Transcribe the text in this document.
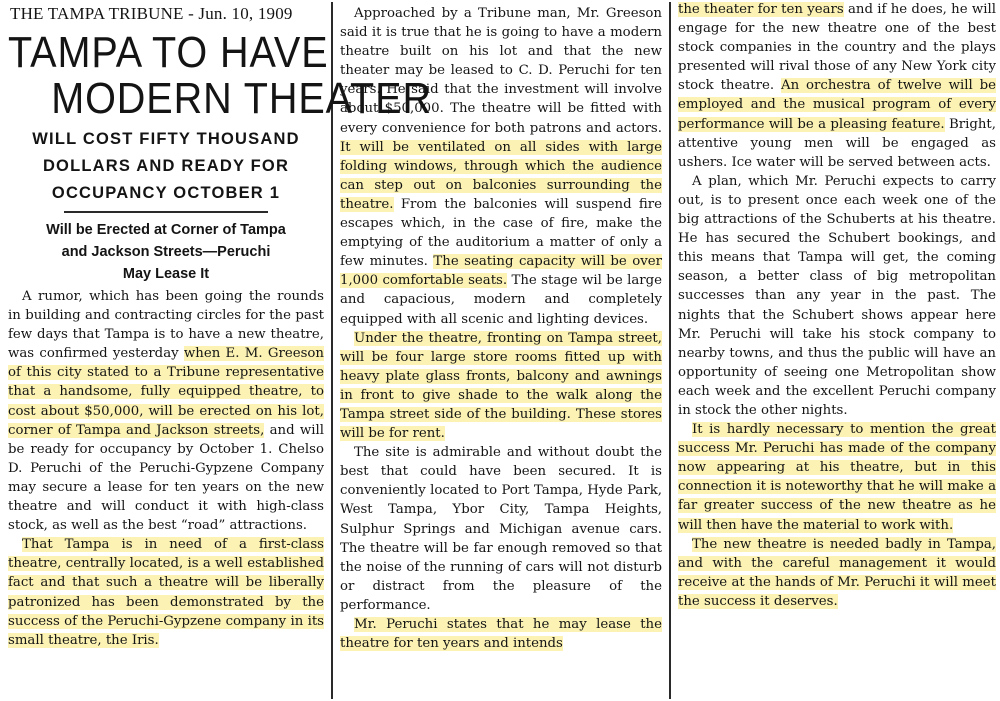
THE TAMPA TRIBUNE - Jun. 10, 1909
TAMPA TO HAVE
MODERN THEATER
WILL COST FIFTY THOUSAND
DOLLARS AND READY FOR
OCCUPANCY OCTOBER 1
Will be Erected at Corner of Tampa
and Jackson Streets—Peruchi
May Lease It

A rumor, which has been going the rounds in building and contracting circles for the past few days that Tampa is to have a new theatre, was confirmed yesterday when E. M. Greeson of this city stated to a Tribune representative that a handsome, fully equipped theatre, to cost about $50,000, will be erected on his lot, corner of Tampa and Jackson streets, and will be ready for occupancy by October 1. Chelso D. Peruchi of the Peruchi-Gypzene Company may secure a lease for ten years on the new theatre and will conduct it with high-class stock, as well as the best “road” attractions.

That Tampa is in need of a first-class theatre, centrally located, is a well established fact and that such a theatre will be liberally patronized has been demonstrated by the success of the Peruchi-Gypzene company in its small theatre, the Iris.

Approached by a Tribune man, Mr. Greeson said it is true that he is going to have a modern theatre built on his lot and that the new theater may be leased to C. D. Peruchi for ten years. He said that the investment will involve about $50,000. The theatre will be fitted with every convenience for both patrons and actors. It will be ventilated on all sides with large folding windows, through which the audience can step out on balconies surrounding the theatre. From the balconies will suspend fire escapes which, in the case of fire, make the emptying of the auditorium a matter of only a few minutes. The seating capacity will be over 1,000 comfortable seats. The stage wil be large and capacious, modern and completely equipped with all scenic and lighting devices.

Under the theatre, fronting on Tampa street, will be four large store rooms fitted up with heavy plate glass fronts, balcony and awnings in front to give shade to the walk along the Tampa street side of the building. These stores will be for rent.

The site is admirable and without doubt the best that could have been secured. It is conveniently located to Port Tampa, Hyde Park, West Tampa, Ybor City, Tampa Heights, Sulphur Springs and Michigan avenue cars. The theatre will be far enough removed so that the noise of the running of cars will not disturb or distract from the pleasure of the performance.

Mr. Peruchi states that he may lease the theatre for ten years and intends

the theater for ten years and if he does, he will engage for the new theatre one of the best stock companies in the country and the plays presented will rival those of any New York city stock theatre. An orchestra of twelve will be employed and the musical program of every performance will be a pleasing feature. Bright, attentive young men will be engaged as ushers. Ice water will be served between acts.

A plan, which Mr. Peruchi expects to carry out, is to present once each week one of the big attractions of the Schuberts at his theatre. He has secured the Schubert bookings, and this means that Tampa will get, the coming season, a better class of big metropolitan successes than any year in the past. The nights that the Schubert shows appear here Mr. Peruchi will take his stock company to nearby towns, and thus the public will have an opportunity of seeing one Metropolitan show each week and the excellent Peruchi company in stock the other nights.

It is hardly necessary to mention the great success Mr. Peruchi has made of the company now appearing at his theatre, but in this connection it is noteworthy that he will make a far greater success of the new theatre as he will then have the material to work with.

The new theatre is needed badly in Tampa, and with the careful management it would receive at the hands of Mr. Peruchi it will meet the success it deserves.
